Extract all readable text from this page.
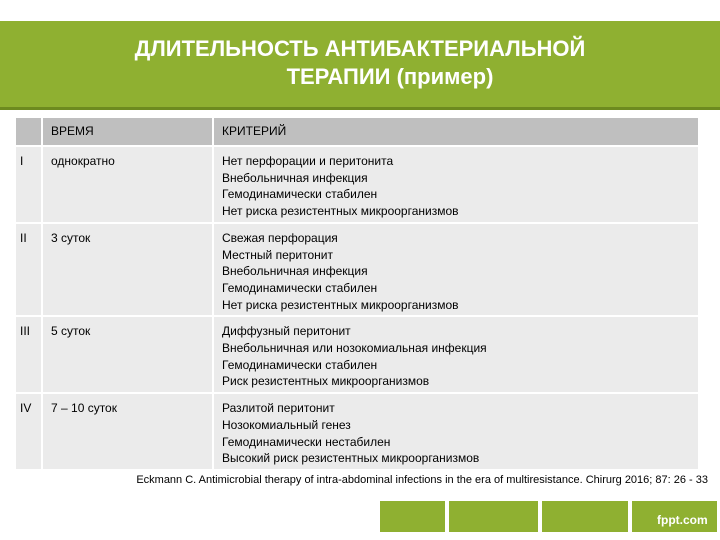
ДЛИТЕЛЬНОСТЬ АНТИБАКТЕРИАЛЬНОЙ
ТЕРАПИИ (пример)
	ВРЕМЯ	КРИТЕРИЙ
I	однократно	Нет перфорации и перитонита
Внебольничная инфекция
Гемодинамически стабилен
Нет риска резистентных микроорганизмов

II	3 суток	Свежая перфорация
Местный перитонит
Внебольничная инфекция
Гемодинамически стабилен
Нет риска резистентных микроорганизмов

III	5 суток	Диффузный перитонит
Внебольничная или нозокомиальная инфекция
Гемодинамически стабилен
Риск резистентных микроорганизмов

IV	7 – 10 суток	Разлитой перитонит
Нозокомиальный генез
Гемодинамически нестабилен
Высокий риск резистентных микроорганизмов
Eckmann C. Antimicrobial therapy of intra-abdominal infections in the era of multiresistance. Chirurg 2016; 87: 26 - 33
fppt.com
